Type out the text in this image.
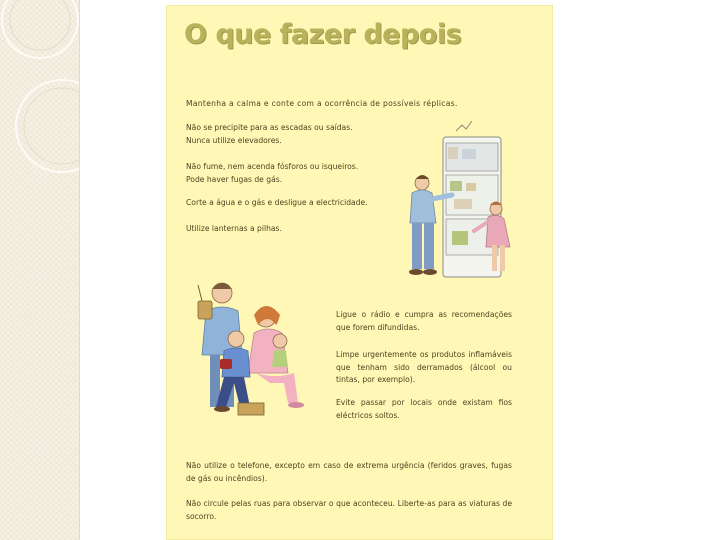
O que fazer depois

Mantenha a calma e conte com a ocorrência de possíveis réplicas.

Não se precipite para as escadas ou saídas.
Nunca utilize elevadores.
Não fume, nem acenda fósforos ou isqueiros.
Pode haver fugas de gás.

Corte a água e o gás e desligue a electricidade.

Utilize lanternas a pilhas.

Ligue o rádio e cumpra as recomendações que forem difundidas.

Limpe urgentemente os produtos inflamáveis que tenham sido derramados (álcool ou tintas, por exemplo).

Evite passar por locais onde existam fios eléctricos soltos.

Não utilize o telefone, excepto em caso de extrema urgência (feridos graves, fugas de gás ou incêndios).

Não circule pelas ruas para observar o que aconteceu. Liberte-as para as viaturas de socorro.
